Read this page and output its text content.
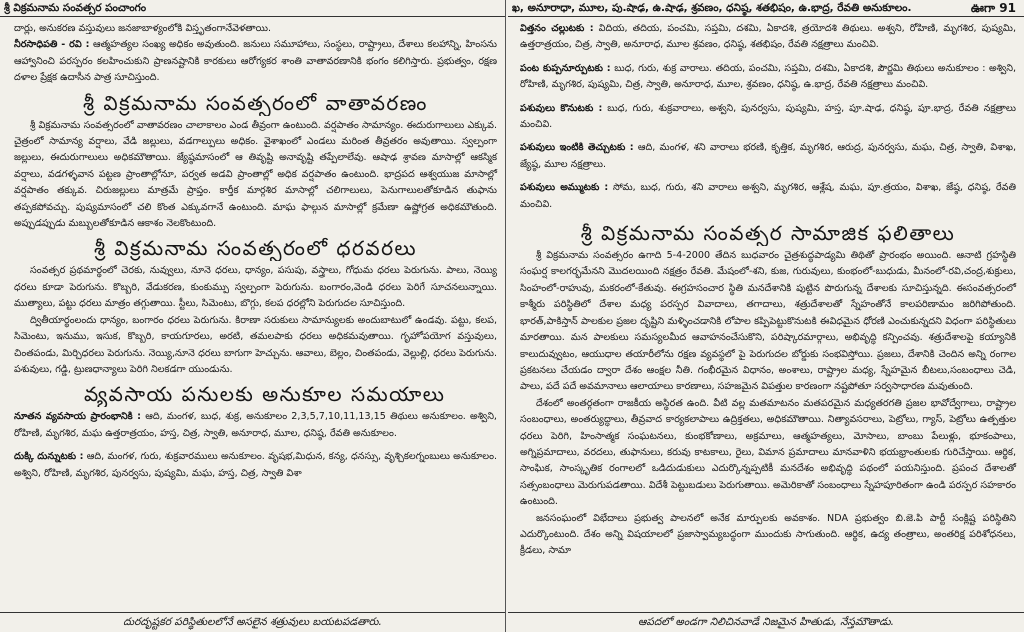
శ్రీ విక్రమనామ సంవత్సర పంచాంగం

దార్లు, అనుకరణ వస్తువులు జనజాబాళ్యంలోకి విస్తృతంగానేవెళతాయి.

నీరసాధిపతి - రవి : ఆత్మహత్యల సంఖ్య అధికం అవుతుంది. జనులు సమూహాలు, సంస్థలు, రాష్ట్రాలు, దేశాలు కలహాన్ని, హింసను ఆహ్వానించి పరస్పరం కలహించుకుని ప్రాణనష్టానికి కారకులు ఆరోగ్యకర శాంతి వాతావరణానికి భంగం కలిగిస్తారు. ప్రభుత్వం, రక్షణ దళాల ప్రేక్షక ఉదాసీన పాత్ర సూచిస్తుంది.

శ్రీ విక్రమనామ సంవత్సరంలో వాతావరణం

శ్రీ విక్రమనామ సంవత్సరంలో వాతావరణం చాలాకాలం ఎండ తీవ్రంగా ఉంటుంది. వర్షపాతం సామాన్యం. ఈదురుగాలులు ఎక్కువ. చైత్రంలో సామాన్య వర్షాలు, వేడి జల్లులు, వడగాల్పులు అధికం. వైశాఖంలో ఎండలు మరింత తీవ్రతరం అవుతాయి. స్వల్పంగా జల్లులు, ఈదురుగాలులు అధికమౌతాయి. జ్యేష్ఠమాసంలో ఆ తివృష్టి అనావృష్టి తప్పేలాలేవు. ఆషాఢ శ్రావణ మాసాల్లో ఆకస్మిక వర్షాలు, వడగళ్ళవాన పట్టణ ప్రాంతాల్లోనూ, పర్వత అడవి ప్రాంతాల్లో అధిక వర్షపాతం ఉంటుంది. భాద్రపద ఆశ్వయుజ మాసాల్లో వర్షపాతం తక్కువ. చిరుజల్లులు మాత్రమే ప్రాప్తం. కార్తీక మార్గశిర మాసాల్లో చలిగాలులు, పెనుగాలులతోకూడిన తుఫాను తప్పకపోవచ్చు. పుష్యమాసంలో చలి కొంత ఎక్కువగానే ఉంటుంది. మాఘ ఫాల్గున మాసాల్లో క్రమేణా ఉష్ణోగ్రత అధికమౌతుంది. అప్పుడప్పుడు మబ్బులతోకూడిన ఆకాశం నెలకొంటుంది.

శ్రీ విక్రమనామ సంవత్సరంలో ధరవరలు

సంవత్సర ప్రథమార్థంలో చెరకు, నువ్వులు, నూనె ధరలు, ధాన్యం, పసుపు, వస్త్రాలు, గోధుమ ధరలు పెరుగును. పాలు, నెయ్యి ధరలు కూడా పెరుగును. కొబ్బరి, వేడుకరణ, కుంకుమ్పు స్వల్పంగా పెరుగును. బంగారం,వెండి ధరలు పెరిగే సూచనలున్నాయి. ముత్యాలు, పట్టు ధరలు మాత్రం తగ్గుతాయి. స్టీలు, సిమెంటు, బొగ్గు, కలప ధరల్లోని పెరుగుదల సూచిస్తుంది.

ద్వితీయార్థంలందు ధాన్యం, బంగారం ధరలు పెరుగును. కిరాణా సరుకులు సామాన్యులకు అందుబాటులో ఉండవు. పట్టు, కలప, సిమెంటు, ఇనుము, ఇసుక, కొబ్బరి, కాయగూరలు, అరటి, తమలపాకు ధరలు అధికమవుతాయి. గృహోపయోగ వస్తువులు, చింతపండు, మిర్చిధరలు పెరుగును. నెయ్యి,నూనె ధరలు బాగుగా హెచ్చును. ఆవాలు, బెల్లం, చింతపండు, వెల్లుల్లి, ధరలు పెరుగును. పశువులు, గడ్డి, ట్రుణధాన్యాలు పెరిగి నిలకడగా యుండును.

వ్యవసాయ పనులకు అనుకూల సమయాలు

నూతన వ్యవసాయ ప్రారంభానికి : ఆది, మంగళ, బుధ, శుక్ర, అనుకూలం 2,3,5,7,10,11,13,15 తిథులు అనుకూలం. అశ్విని, రోహిణి, మృగశిర, మఘ ఉత్తరాత్రయం, హస్త, చిత్ర, స్వాతి, అనూరాధ, మూల, ధనిష్ఠ, రేవతి అనుకూలం.

దుక్కి దున్నుటకు : ఆది, మంగళ, గురు, శుక్రవారములు అనుకూలం. వృషభ,మిధున, కన్య, ధనస్సు, వృశ్చికలగ్నంబులు అనుకూలం. అశ్విని, రోహిణి, మృగశిర, పునర్వసు, పుష్యమి, మఘ, హస్త, చిత్ర, స్వాతి విశా

దురదృష్టకర పరిస్థితులలోనే అసలైన శత్రువులు బయటపడతారు.
ఖ, అనూరాధా, మూల, పు.షాఢ, ఉ.షాఢ, శ్రవణం, ధనిష్ఠ, శతభిషం, ఉ.భాద్ర, రేవతి అనుకూలం.	ఊగా 91

విత్తనం చల్లుటకు : విదియ, తదియ, పంచమి, సప్తమి, దశమి, ఏకాదశి, త్రయోదశి తిథులు. అశ్వని, రోహిణి, మృగశిర, పుష్యమి, ఉత్తరాత్రయం, చిత్ర, స్వాతి, అనూరాధ, మూల శ్రవణం, ధనిష్ఠ, శతభిషం, రేవతి నక్షత్రాలు మంచివి.

పంట కుప్పనూర్పుటకు : బుధ, గురు, శుక్ర వారాలు. తదియ, పంచమి, సప్తమి, దశమి, ఏకాదశి, పౌర్ణమి తిథులు అనుకూలం : అశ్విని, రోహిణి, మృగశిర, పుష్యమి, చిత్ర, స్వాతి, అనూరాధ, మూల, శ్రవణం, ధనిష్ఠ, ఉ.భాద్ర, రేవతి నక్షత్రాలు మంచివి.

పశువులు కొనుటకు : బుధ, గురు, శుక్రవారాలు, అశ్వని, పునర్వసు, పుష్యమి, హస్త, పూ.షాఢ, ధనిష్ఠ, పూ.భాద్ర, రేవతి నక్షత్రాలు మంచివి.

పశువులు ఇంటికి తెచ్చుటకు : ఆది, మంగళ, శని వారాలు భరణి, కృత్తిక, మృగశిర, ఆరుద్ర, పునర్వసు, మఘ, చిత్ర, స్వాతి, విశాఖ, జ్యేష్ఠ, మూల నక్షత్రాలు.

పశువులు అమ్ముటకు : సోమ, బుధ, గురు, శని వారాలు అశ్వని, మృగశిర, ఆశ్లేష, మఘ, పూ.త్రయం, విశాఖ, జేష్ఠ, ధనిష్ఠ, రేవతి మంచివి.

శ్రీ విక్రమనామ సంవత్సర సామాజిక ఫలితాలు

శ్రీ విక్రమనామ సంవత్సరం ఉగాది 5-4-2000 తేదిన బుధవారం చైత్రశుద్ధపాడ్యమి తిథితో ప్రారంభం అయింది. ఆనాటి గ్రహస్థితి సంఘర్ష కాలగర్భమేనని మొదలయింది నక్షత్రం రేవతి. మేషంలో-శని, కుజ, గురువులు, కుంభంలో-బుధుడు, మీనంలో-రవి,చంద్ర,శుక్రులు, సింహంలో-రాహువు, మకరంలో-కేతువు. ఈగ్రహసంచార స్థితి మనదేశానికి పుట్టిన పొరుగున్న దేశాలకు సూచిస్తున్నది. ఈసంవత్సరంలో కాశ్మీరు పరిస్థితిలో దేశాల మధ్య పరస్పర వివాదాలు, తగాదాలు, శత్రుదేశాలతో స్నేహంతోనే కాలపరిణామం జరిగిపోతుంది. భారత్,పాకిస్తాన్ పాలకుల ప్రజల దృష్టిని మళ్ళించడానికి లోపాల కప్పిపెట్టుకొనుటకి ఈవిధమైన ధోరణి ఎంచుకున్నదని విధంగా పరిస్థితులు మారతాయి. మన పాలకులు సమస్యలమీద ఆవాహనంచేసుకొని, పరిష్కారమార్గాలు, అభివృద్ధి కన్పించవు. శత్రుదేశాలపై కయ్యానికి కాలుదువ్వుటం, ఆయుధాల తయారీలోను రక్షణ వ్యవస్థలో పై పెరుగుదల బోర్డుకు సంభవిస్తోయి. ప్రజలు, దేశానికి చెందిన అన్ని రంగాల ప్రకటనలు చేయడం ద్వారా దేశం ఆంక్షల నీతి. గంభీరమైన విధానం, అంశాలు, రాష్ట్రాల మధ్య, స్నేహమైన బీటలు,సంబంధాలు చెడి, పాలు, పదే పదే అవమానాలు ఆలాయాలు కారణాలు, సహజమైన విపత్తుల కారణంగా నష్టపోతూ సర్వసాధారణ మవుతుంది.

దేశంలో అంతర్గతంగా రాజకీయ అస్థిరత ఉంది. వీటి వల్ల మతమాటనం మతపరమైన మధ్యతరగతి ప్రజల భావోద్వేగాలు, రాష్ట్రాల సంబంధాలు, అంతర్యుద్ధాలు, తీవ్రవాద కార్యకలాపాలు ఉద్రిక్తతలు, అధికమౌతాయి. నిత్యావసరాలు, పెట్రోలు, గ్యాస్, పెట్రోలు ఉత్పత్తుల ధరలు పెరిగి, హింసాత్మక సంఘటనలు, కుంభకోణాలు, అక్రమాలు, ఆత్మహత్యలు, మోసాలు, బాంబు పేలుళ్లు, భూకంపాలు, అగ్నిప్రమాదాలు, వరదలు, తుఫానులు, కరువు కాటకాలు, రైలు, విమాన ప్రమాదాలు మానవాళిని భయభ్రాంతులకు గురిచేస్తాయి. ఆర్థిక, సాంఘిక, సాంస్కృతిక రంగాలలో ఒడిదుడుకులు ఎదుర్కొన్నప్పటికీ మనదేశం అభివృద్ధి పథంలో పయనిస్తుంది. ప్రపంచ దేశాలతో సత్సంబంధాలు మెరుగుపడతాయి. విదేశీ పెట్టుబడులు పెరుగుతాయి. అమెరికాతో సంబంధాలు స్నేహపూరితంగా ఉండి పరస్పర సహకారం ఉంటుంది.

జనసంఘంలో విభేదాలు ప్రభుత్వ పాలనలో అనేక మార్పులకు అవకాశం. NDA ప్రభుత్వం బి.జె.పి పార్టీ సంక్లిష్ట పరిస్థితిని ఎదుర్కొంటుంది. దేశం అన్ని విషయాలలో ప్రజాస్వామ్యబద్ధంగా ముందుకు సాగుతుంది. ఆర్థిక, ఉద్య తంత్రాలు, అంతరిక్ష పరిశోధనలు, క్రీడలు, సామా

ఆపదలో అండగా నిలిచినవాడే నిజమైన హితుడు, నేస్తమౌతాడు.
